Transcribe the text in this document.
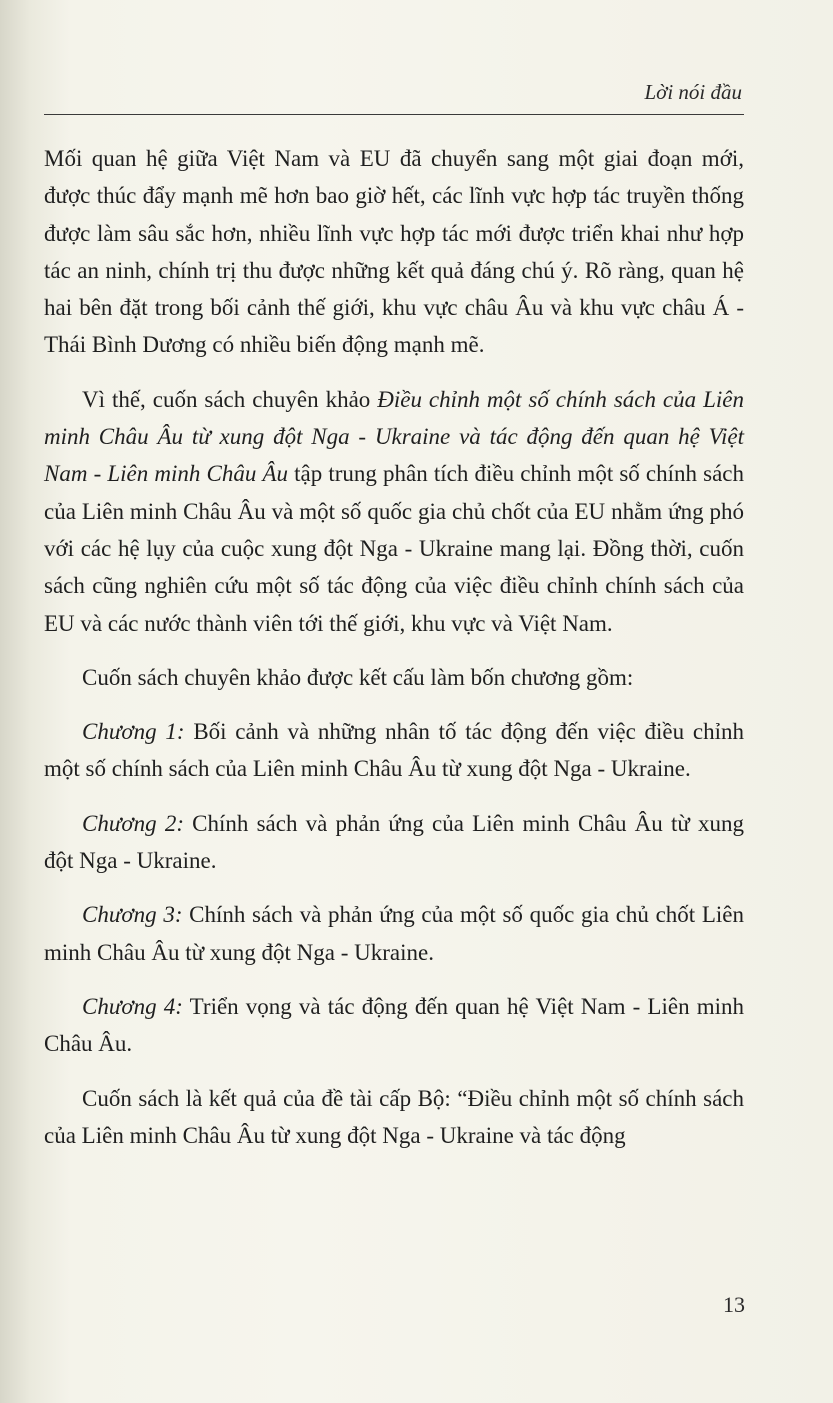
Lời nói đầu

Mối quan hệ giữa Việt Nam và EU đã chuyển sang một giai đoạn mới, được thúc đẩy mạnh mẽ hơn bao giờ hết, các lĩnh vực hợp tác truyền thống được làm sâu sắc hơn, nhiều lĩnh vực hợp tác mới được triển khai như hợp tác an ninh, chính trị thu được những kết quả đáng chú ý. Rõ ràng, quan hệ hai bên đặt trong bối cảnh thế giới, khu vực châu Âu và khu vực châu Á - Thái Bình Dương có nhiều biến động mạnh mẽ.

Vì thế, cuốn sách chuyên khảo Điều chỉnh một số chính sách của Liên minh Châu Âu từ xung đột Nga - Ukraine và tác động đến quan hệ Việt Nam - Liên minh Châu Âu tập trung phân tích điều chỉnh một số chính sách của Liên minh Châu Âu và một số quốc gia chủ chốt của EU nhằm ứng phó với các hệ lụy của cuộc xung đột Nga - Ukraine mang lại. Đồng thời, cuốn sách cũng nghiên cứu một số tác động của việc điều chỉnh chính sách của EU và các nước thành viên tới thế giới, khu vực và Việt Nam.

Cuốn sách chuyên khảo được kết cấu làm bốn chương gồm:

Chương 1: Bối cảnh và những nhân tố tác động đến việc điều chỉnh một số chính sách của Liên minh Châu Âu từ xung đột Nga - Ukraine.

Chương 2: Chính sách và phản ứng của Liên minh Châu Âu từ xung đột Nga - Ukraine.

Chương 3: Chính sách và phản ứng của một số quốc gia chủ chốt Liên minh Châu Âu từ xung đột Nga - Ukraine.

Chương 4: Triển vọng và tác động đến quan hệ Việt Nam - Liên minh Châu Âu.

Cuốn sách là kết quả của đề tài cấp Bộ: “Điều chỉnh một số chính sách của Liên minh Châu Âu từ xung đột Nga - Ukraine và tác động

13
